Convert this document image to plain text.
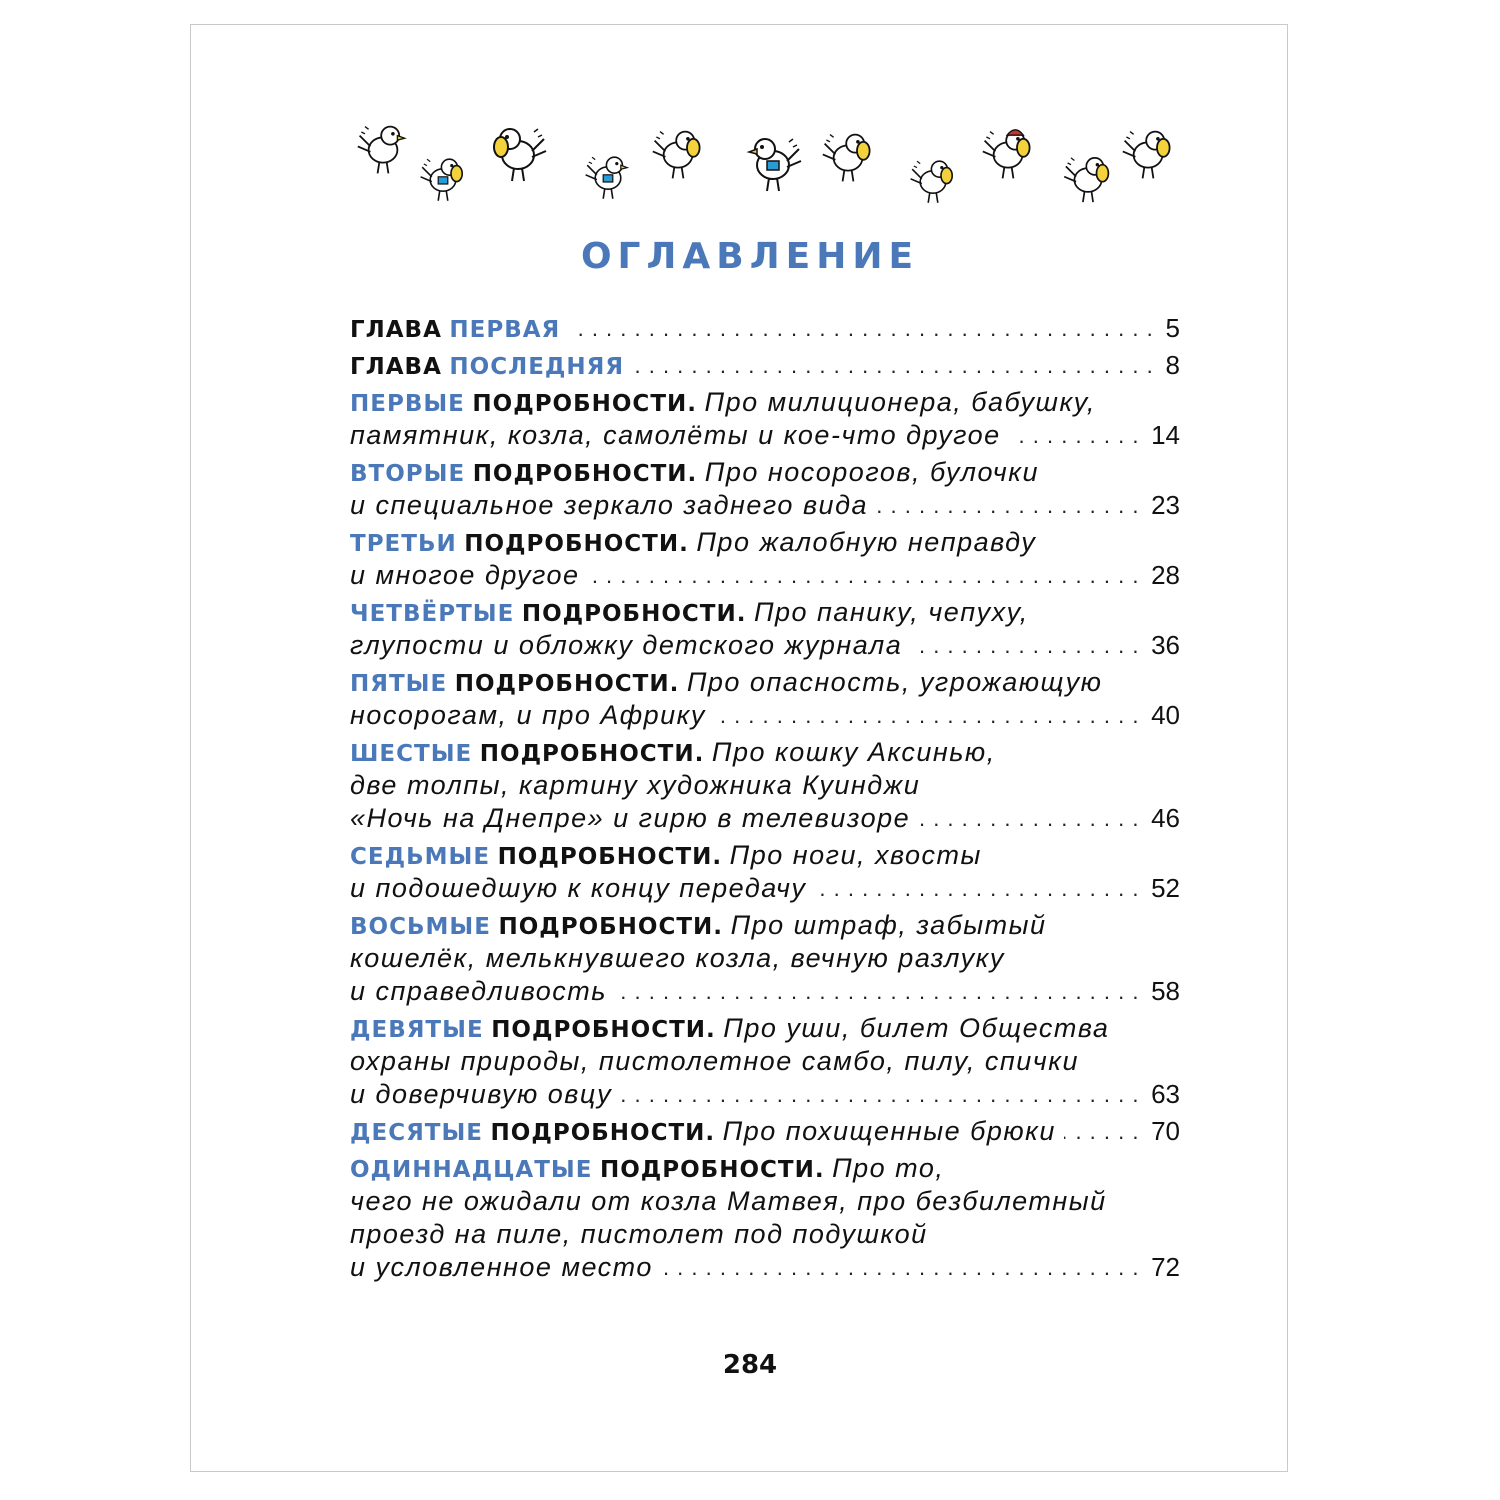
ОГЛАВЛЕНИЕ
ГЛАВА ПЕРВАЯ	5
. . .
ГЛАВА ПОСЛЕДНЯЯ	8
. . .
ПЕРВЫЕ ПОДРОБНОСТИ. Про милиционера, бабушку,
памятник, козла, самолёты и кое-что другое	14
. . .
ВТОРЫЕ ПОДРОБНОСТИ. Про носорогов, булочки
и специальное зеркало заднего вида	23
. . .
ТРЕТЬИ ПОДРОБНОСТИ. Про жалобную неправду
и многое другое	28
. . .
ЧЕТВЁРТЫЕ ПОДРОБНОСТИ. Про панику, чепуху,
глупости и обложку детского журнала	36
. . .
ПЯТЫЕ ПОДРОБНОСТИ. Про опасность, угрожающую
носорогам, и про Африку	40
. . .
ШЕСТЫЕ ПОДРОБНОСТИ. Про кошку Аксинью,
две толпы, картину художника Куинджи
«Ночь на Днепре» и гирю в телевизоре	46
. . .
СЕДЬМЫЕ ПОДРОБНОСТИ. Про ноги, хвосты
и подошедшую к концу передачу	52
. . .
ВОСЬМЫЕ ПОДРОБНОСТИ. Про штраф, забытый
кошелёк, мелькнувшего козла, вечную разлуку
и справедливость	58
. . .
ДЕВЯТЫЕ ПОДРОБНОСТИ. Про уши, билет Общества
охраны природы, пистолетное самбо, пилу, спички
и доверчивую овцу	63
. . .
ДЕСЯТЫЕ ПОДРОБНОСТИ. Про похищенные брюки	70
. . .
ОДИННАДЦАТЫЕ ПОДРОБНОСТИ. Про то,
чего не ожидали от козла Матвея, про безбилетный
проезд на пиле, пистолет под подушкой
и условленное место	72
. . .
284
